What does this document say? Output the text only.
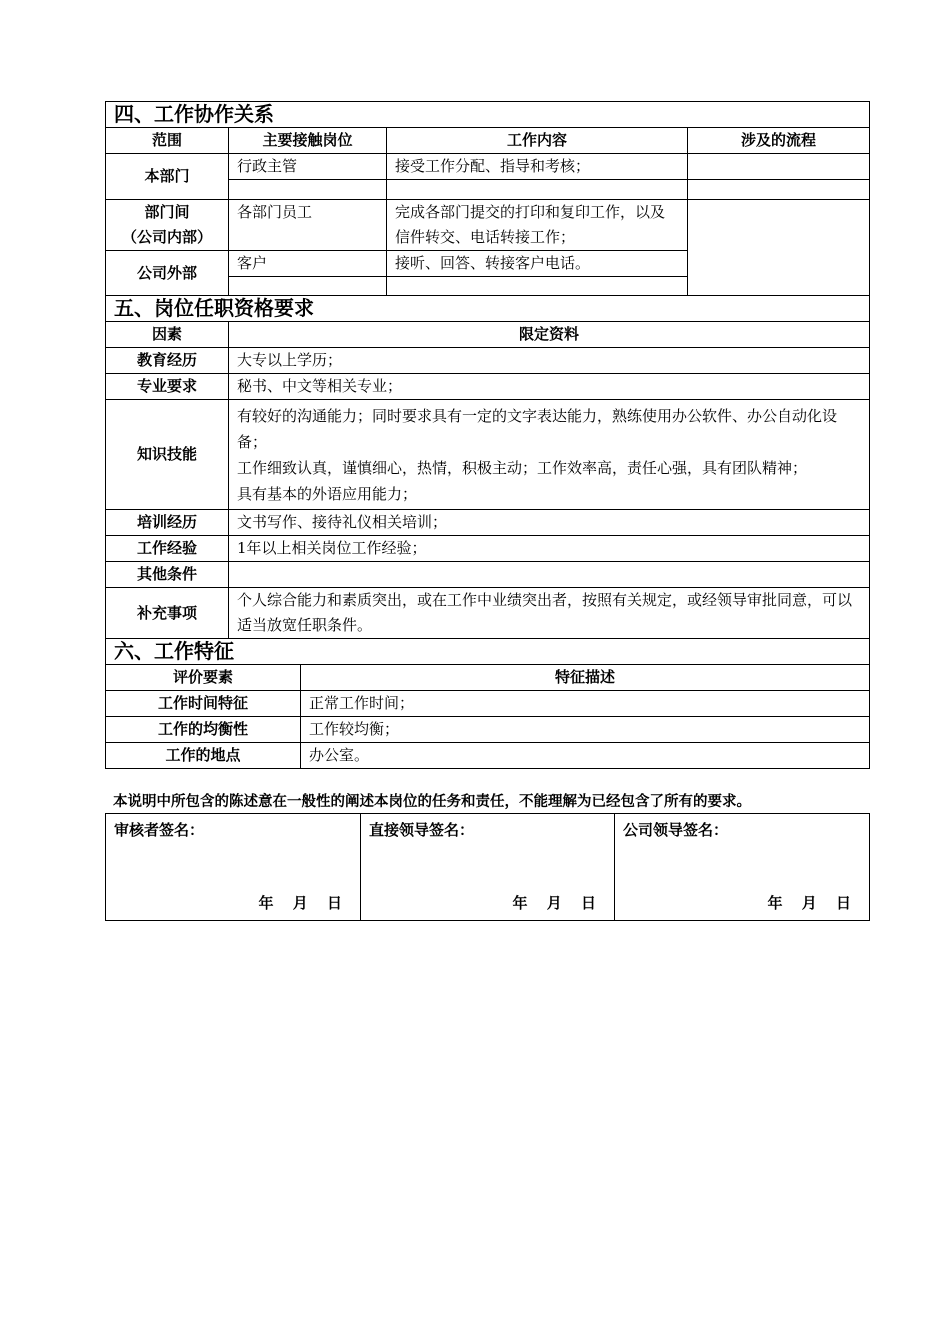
四、工作协作关系			
范围	主要接触岗位	工作内容	涉及的流程
本部门	行政主管	接受工作分配、指导和考核；	

部门间
（公司内部）	各部门员工	完成各部门提交的打印和复印工作，以及信件转交、电话转接工作；	
公司外部	客户	接听、回答、转接客户电话。	

五、岗位任职资格要求	
因素	限定资料
教育经历	大专以上学历；
专业要求	秘书、中文等相关专业；
知识技能	有较好的沟通能力；同时要求具有一定的文字表达能力，熟练使用办公软件、办公自动化设备；
工作细致认真，谨慎细心，热情，积极主动；工作效率高，责任心强，具有团队精神；
具有基本的外语应用能力；

培训经历	文书写作、接待礼仪相关培训；
工作经验	1年以上相关岗位工作经验；
其他条件	
补充事项	个人综合能力和素质突出，或在工作中业绩突出者，按照有关规定，或经领导审批同意，可以适当放宽任职条件。
六、工作特征	
评价要素	特征描述
工作时间特征	正常工作时间；
工作的均衡性	工作较均衡；
工作的地点	办公室。
本说明中所包含的陈述意在一般性的阐述本岗位的任务和责任，不能理解为已经包含了所有的要求。
审核者签名：
年 月 日
	直接领导签名：
年 月 日
	公司领导签名：
年 月 日
